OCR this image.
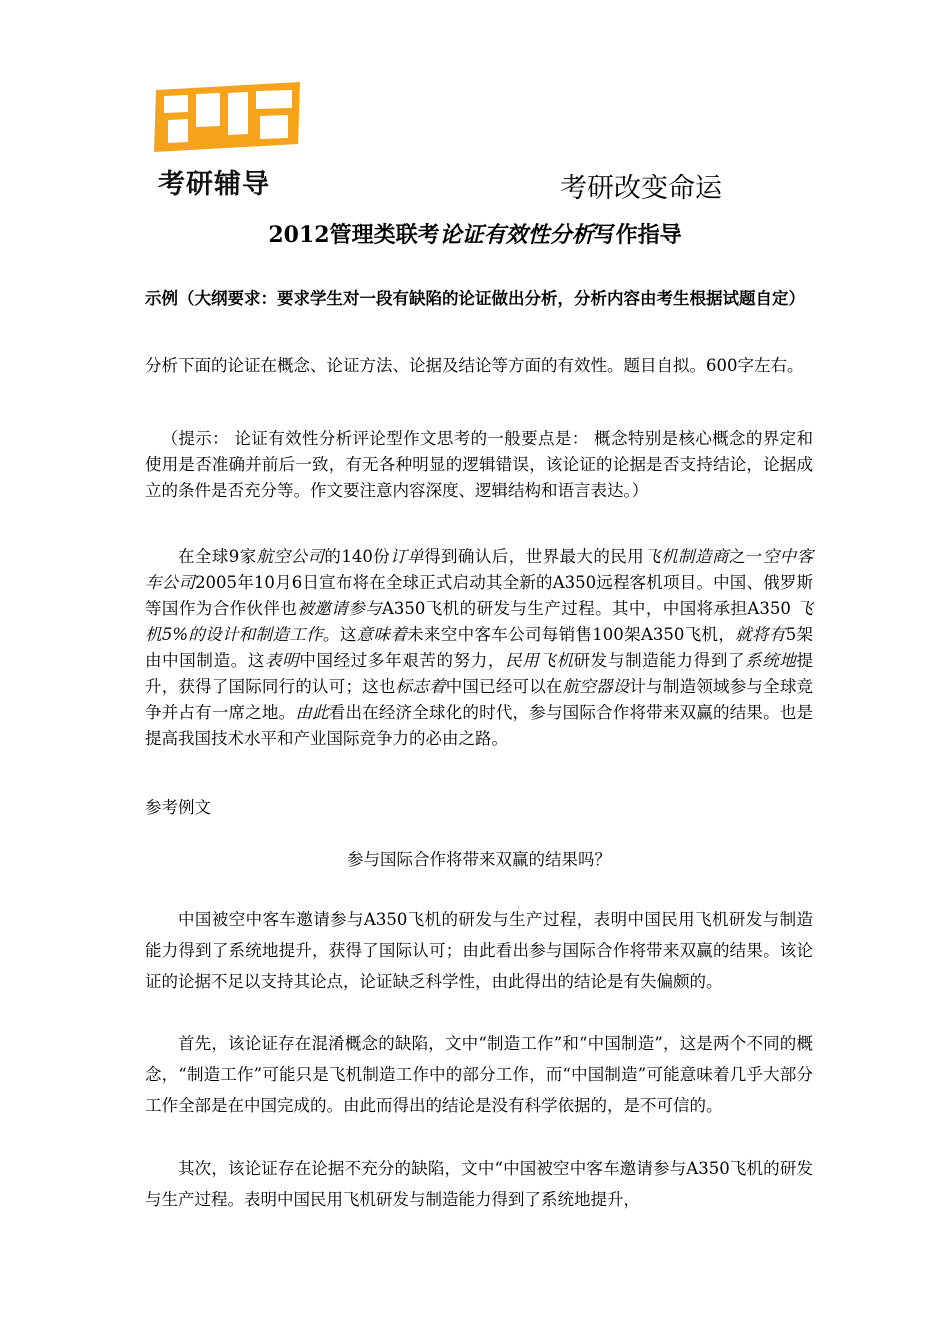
考研辅导	考研改变命运
2012管理类联考论证有效性分析写作指导
示例（大纲要求：要求学生对一段有缺陷的论证做出分析，分析内容由考生根据试题自定）
分析下面的论证在概念、论证方法、论据及结论等方面的有效性。题目自拟。600字左右。
（提示： 论证有效性分析评论型作文思考的一般要点是： 概念特别是核心概念的界定和使用是否准确并前后一致，有无各种明显的逻辑错误，该论证的论据是否支持结论，论据成立的条件是否充分等。作文要注意内容深度、逻辑结构和语言表达。）
在全球9家航空公司的140份订单得到确认后，世界最大的民用飞机制造商之一空中客车公司2005年10月6日宣布将在全球正式启动其全新的A350远程客机项目。中国、俄罗斯等国作为合作伙伴也被邀请参与A350飞机的研发与生产过程。其中，中国将承担A350 飞机5%的设计和制造工作。这意味着未来空中客车公司每销售100架A350飞机，就将有5架由中国制造。这表明中国经过多年艰苦的努力，民用飞机研发与制造能力得到了系统地提升，获得了国际同行的认可；这也标志着中国已经可以在航空器设计与制造领域参与全球竞争并占有一席之地。由此看出在经济全球化的时代，参与国际合作将带来双赢的结果。也是提高我国技术水平和产业国际竞争力的必由之路。
参考例文
参与国际合作将带来双赢的结果吗？
中国被空中客车邀请参与A350飞机的研发与生产过程，表明中国民用飞机研发与制造能力得到了系统地提升，获得了国际认可；由此看出参与国际合作将带来双赢的结果。该论证的论据不足以支持其论点，论证缺乏科学性，由此得出的结论是有失偏颇的。
首先，该论证存在混淆概念的缺陷，文中“制造工作”和“中国制造”，这是两个不同的概念，“制造工作”可能只是飞机制造工作中的部分工作，而“中国制造”可能意味着几乎大部分工作全部是在中国完成的。由此而得出的结论是没有科学依据的，是不可信的。
其次，该论证存在论据不充分的缺陷，文中“中国被空中客车邀请参与A350飞机的研发与生产过程。表明中国民用飞机研发与制造能力得到了系统地提升，
